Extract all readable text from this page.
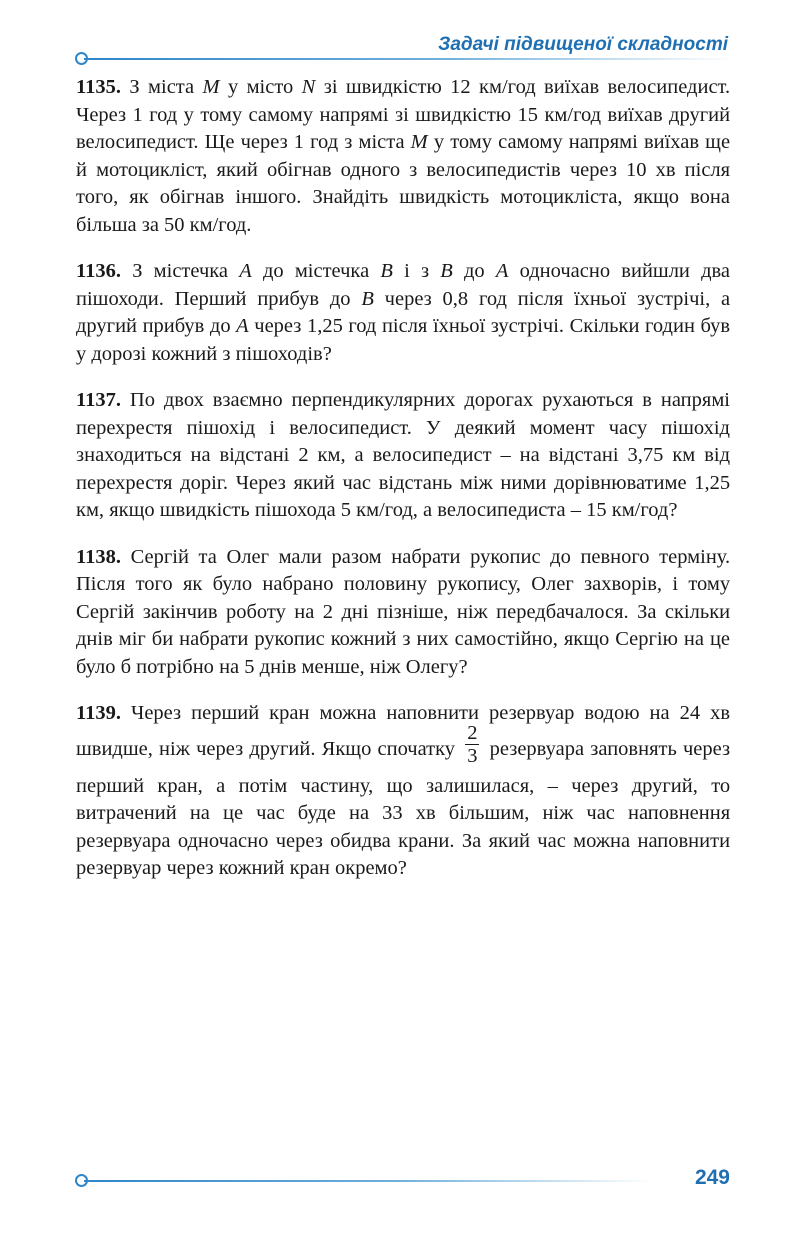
Задачі підвищеної складності

1135. З міста M у місто N зі швидкістю 12 км/год виїхав велосипедист. Через 1 год у тому самому напрямі зі швидкістю 15 км/год виїхав другий велосипедист. Ще через 1 год з міста M у тому самому напрямі виїхав ще й мотоцикліст, який обігнав одного з велосипедистів через 10 хв після того, як обігнав іншого. Знайдіть швидкість мотоцикліста, якщо вона більша за 50 км/год.

1136. З містечка A до містечка B і з B до A одночасно вийшли два пішоходи. Перший прибув до B через 0,8 год після їхньої зустрічі, а другий прибув до A через 1,25 год після їхньої зустрічі. Скільки годин був у дорозі кожний з пішоходів?

1137. По двох взаємно перпендикулярних дорогах рухаються в напрямі перехрестя пішохід і велосипедист. У деякий момент часу пішохід знаходиться на відстані 2 км, а велосипедист – на відстані 3,75 км від перехрестя доріг. Через який час відстань між ними дорівнюватиме 1,25 км, якщо швидкість пішохода 5 км/год, а велосипедиста – 15 км/год?

1138. Сергій та Олег мали разом набрати рукопис до певного терміну. Після того як було набрано половину рукопису, Олег захворів, і тому Сергій закінчив роботу на 2 дні пізніше, ніж передбачалося. За скільки днів міг би набрати рукопис кожний з них самостійно, якщо Сергію на це було б потрібно на 5 днів менше, ніж Олегу?

1139. Через перший кран можна наповнити резервуар водою на 24 хв швидше, ніж через другий. Якщо спочатку $\frac{2}{3}$ резервуара заповнять через перший кран, а потім частину, що залишилася, – через другий, то витрачений на це час буде на 33 хв більшим, ніж час наповнення резервуара одночасно через обидва крани. За який час можна наповнити резервуар через кожний кран окремо?

249
